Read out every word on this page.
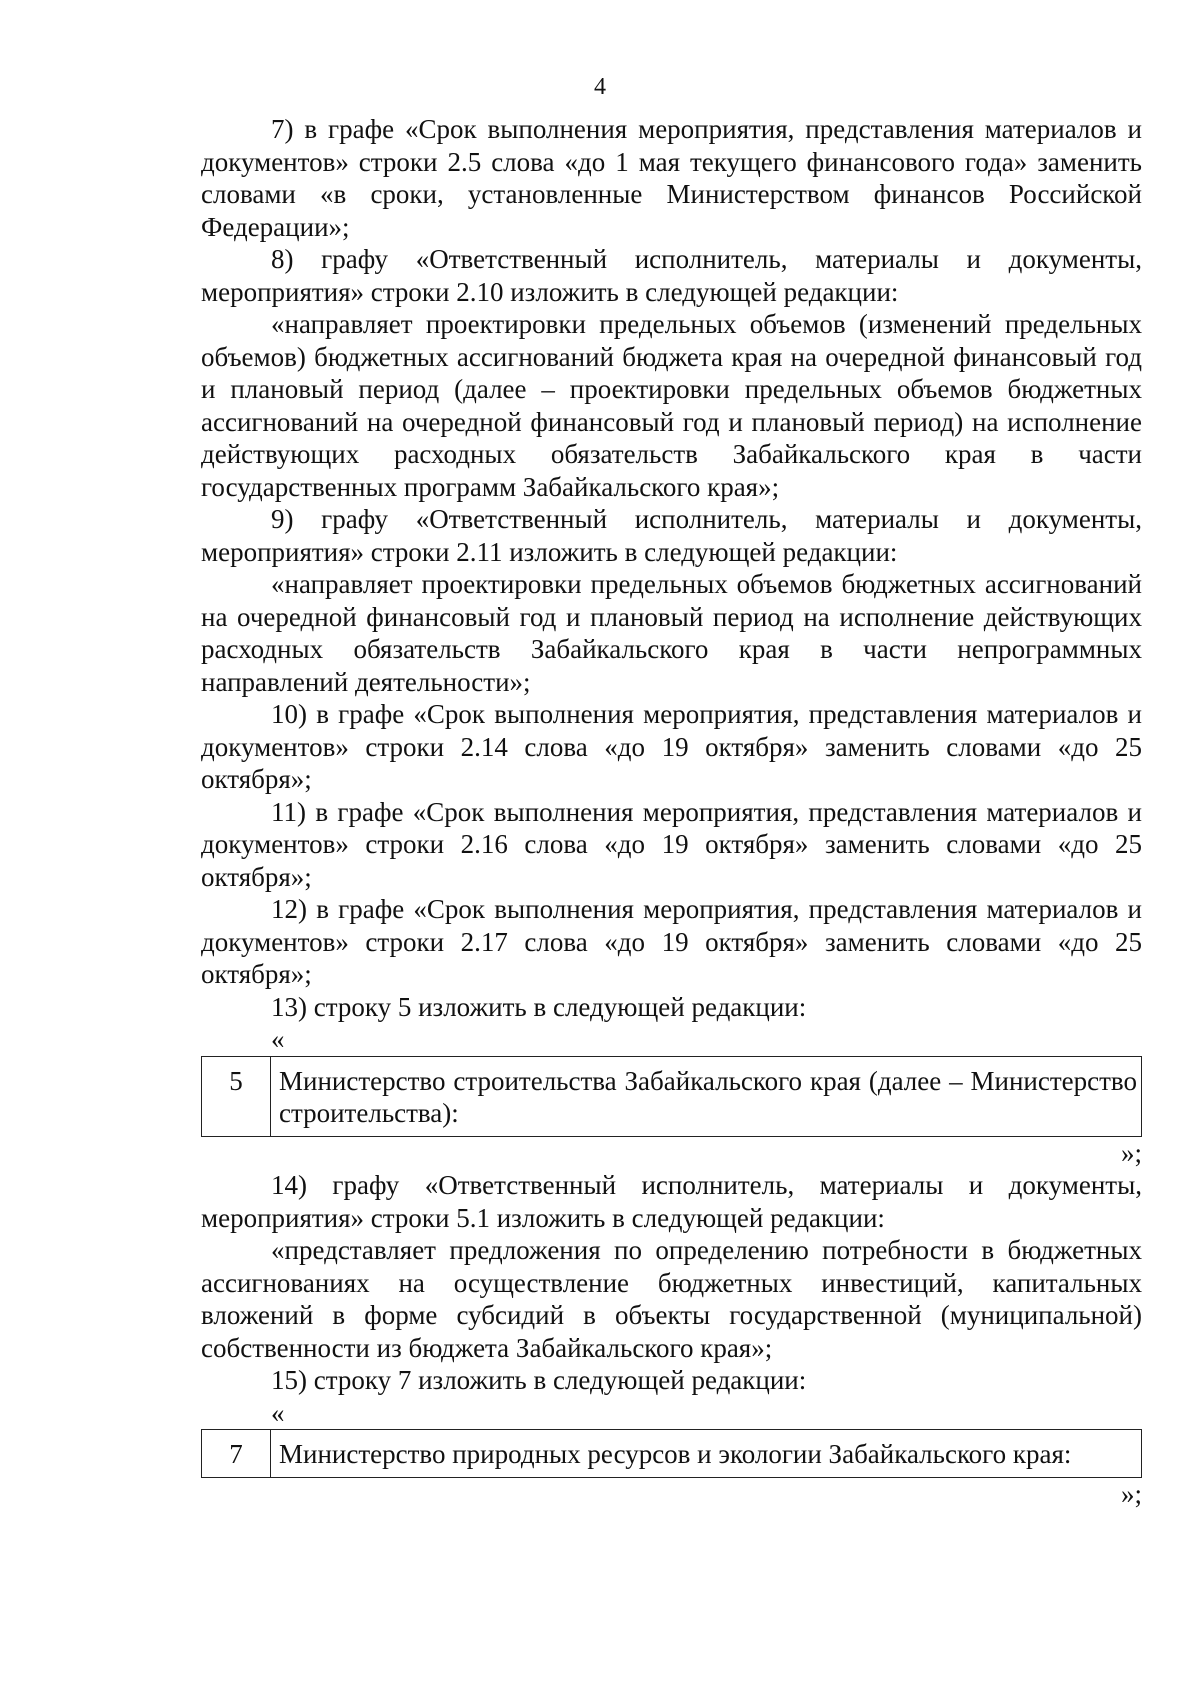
4

7) в графе «Срок выполнения мероприятия, представления материалов и документов» строки 2.5 слова «до 1 мая текущего финансового года» заменить словами «в сроки, установленные Министерством финансов Российской Федерации»;

8) графу «Ответственный исполнитель, материалы и документы, мероприятия» строки 2.10 изложить в следующей редакции:

«направляет проектировки предельных объемов (изменений предельных объемов) бюджетных ассигнований бюджета края на очередной финансовый год и плановый период (далее – проектировки предельных объемов бюджетных ассигнований на очередной финансовый год и плановый период) на исполнение действующих расходных обязательств Забайкальского края в части государственных программ Забайкальского края»;

9) графу «Ответственный исполнитель, материалы и документы, мероприятия» строки 2.11 изложить в следующей редакции:

«направляет проектировки предельных объемов бюджетных ассигнований на очередной финансовый год и плановый период на исполнение действующих расходных обязательств Забайкальского края в части непрограммных направлений деятельности»;

10) в графе «Срок выполнения мероприятия, представления материалов и документов» строки 2.14 слова «до 19 октября» заменить словами «до 25 октября»;

11) в графе «Срок выполнения мероприятия, представления материалов и документов» строки 2.16 слова «до 19 октября» заменить словами «до 25 октября»;

12) в графе «Срок выполнения мероприятия, представления материалов и документов» строки 2.17 слова «до 19 октября» заменить словами «до 25 октября»;

13) строку 5 изложить в следующей редакции:

«

5	Министерство строительства Забайкальского края (далее – Министерство строительства):

»;

14) графу «Ответственный исполнитель, материалы и документы, мероприятия» строки 5.1 изложить в следующей редакции:

«представляет предложения по определению потребности в бюджетных ассигнованиях на осуществление бюджетных инвестиций, капитальных вложений в форме субсидий в объекты государственной (муниципальной) собственности из бюджета Забайкальского края»;

15) строку 7 изложить в следующей редакции:

«

7	Министерство природных ресурсов и экологии Забайкальского края:

»;
